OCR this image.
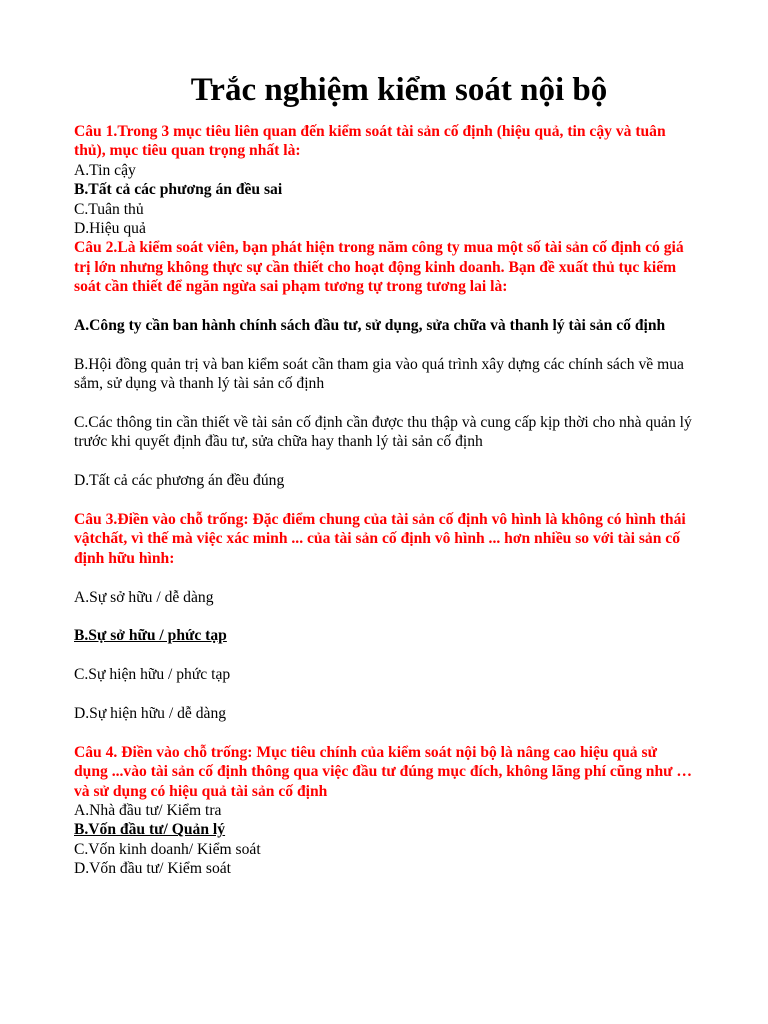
Trắc nghiệm kiểm soát nội bộ

Câu 1.Trong 3 mục tiêu liên quan đến kiểm soát tài sản cố định (hiệu quả, tin cậy và tuân thủ), mục tiêu quan trọng nhất là:

A.Tin cậy

B.Tất cả các phương án đều sai

C.Tuân thủ

D.Hiệu quả

Câu 2.Là kiểm soát viên, bạn phát hiện trong năm công ty mua một số tài sản cố định có giá trị lớn nhưng không thực sự cần thiết cho hoạt động kinh doanh. Bạn đề xuất thủ tục kiểm soát cần thiết để ngăn ngừa sai phạm tương tự trong tương lai là:

A.Công ty cần ban hành chính sách đầu tư, sử dụng, sửa chữa và thanh lý tài sản cố định

B.Hội đồng quản trị và ban kiểm soát cần tham gia vào quá trình xây dựng các chính sách về mua sắm, sử dụng và thanh lý tài sản cố định

C.Các thông tin cần thiết về tài sản cố định cần được thu thập và cung cấp kịp thời cho nhà quản lý trước khi quyết định đầu tư, sửa chữa hay thanh lý tài sản cố định

D.Tất cả các phương án đều đúng

Câu 3.Điền vào chỗ trống: Đặc điểm chung của tài sản cố định vô hình là không có hình thái vậtchất, vì thế mà việc xác minh ... của tài sản cố định vô hình ... hơn nhiều so với tài sản cố định hữu hình:

A.Sự sở hữu / dễ dàng

B.Sự sở hữu / phức tạp

C.Sự hiện hữu / phức tạp

D.Sự hiện hữu / dễ dàng

Câu 4. Điền vào chỗ trống: Mục tiêu chính của kiểm soát nội bộ là nâng cao hiệu quả sử dụng ...vào tài sản cố định thông qua việc đầu tư đúng mục đích, không lãng phí cũng như … và sử dụng có hiệu quả tài sản cố định

A.Nhà đầu tư/ Kiểm tra

B.Vốn đầu tư/ Quản lý

C.Vốn kinh doanh/ Kiểm soát

D.Vốn đầu tư/ Kiểm soát
